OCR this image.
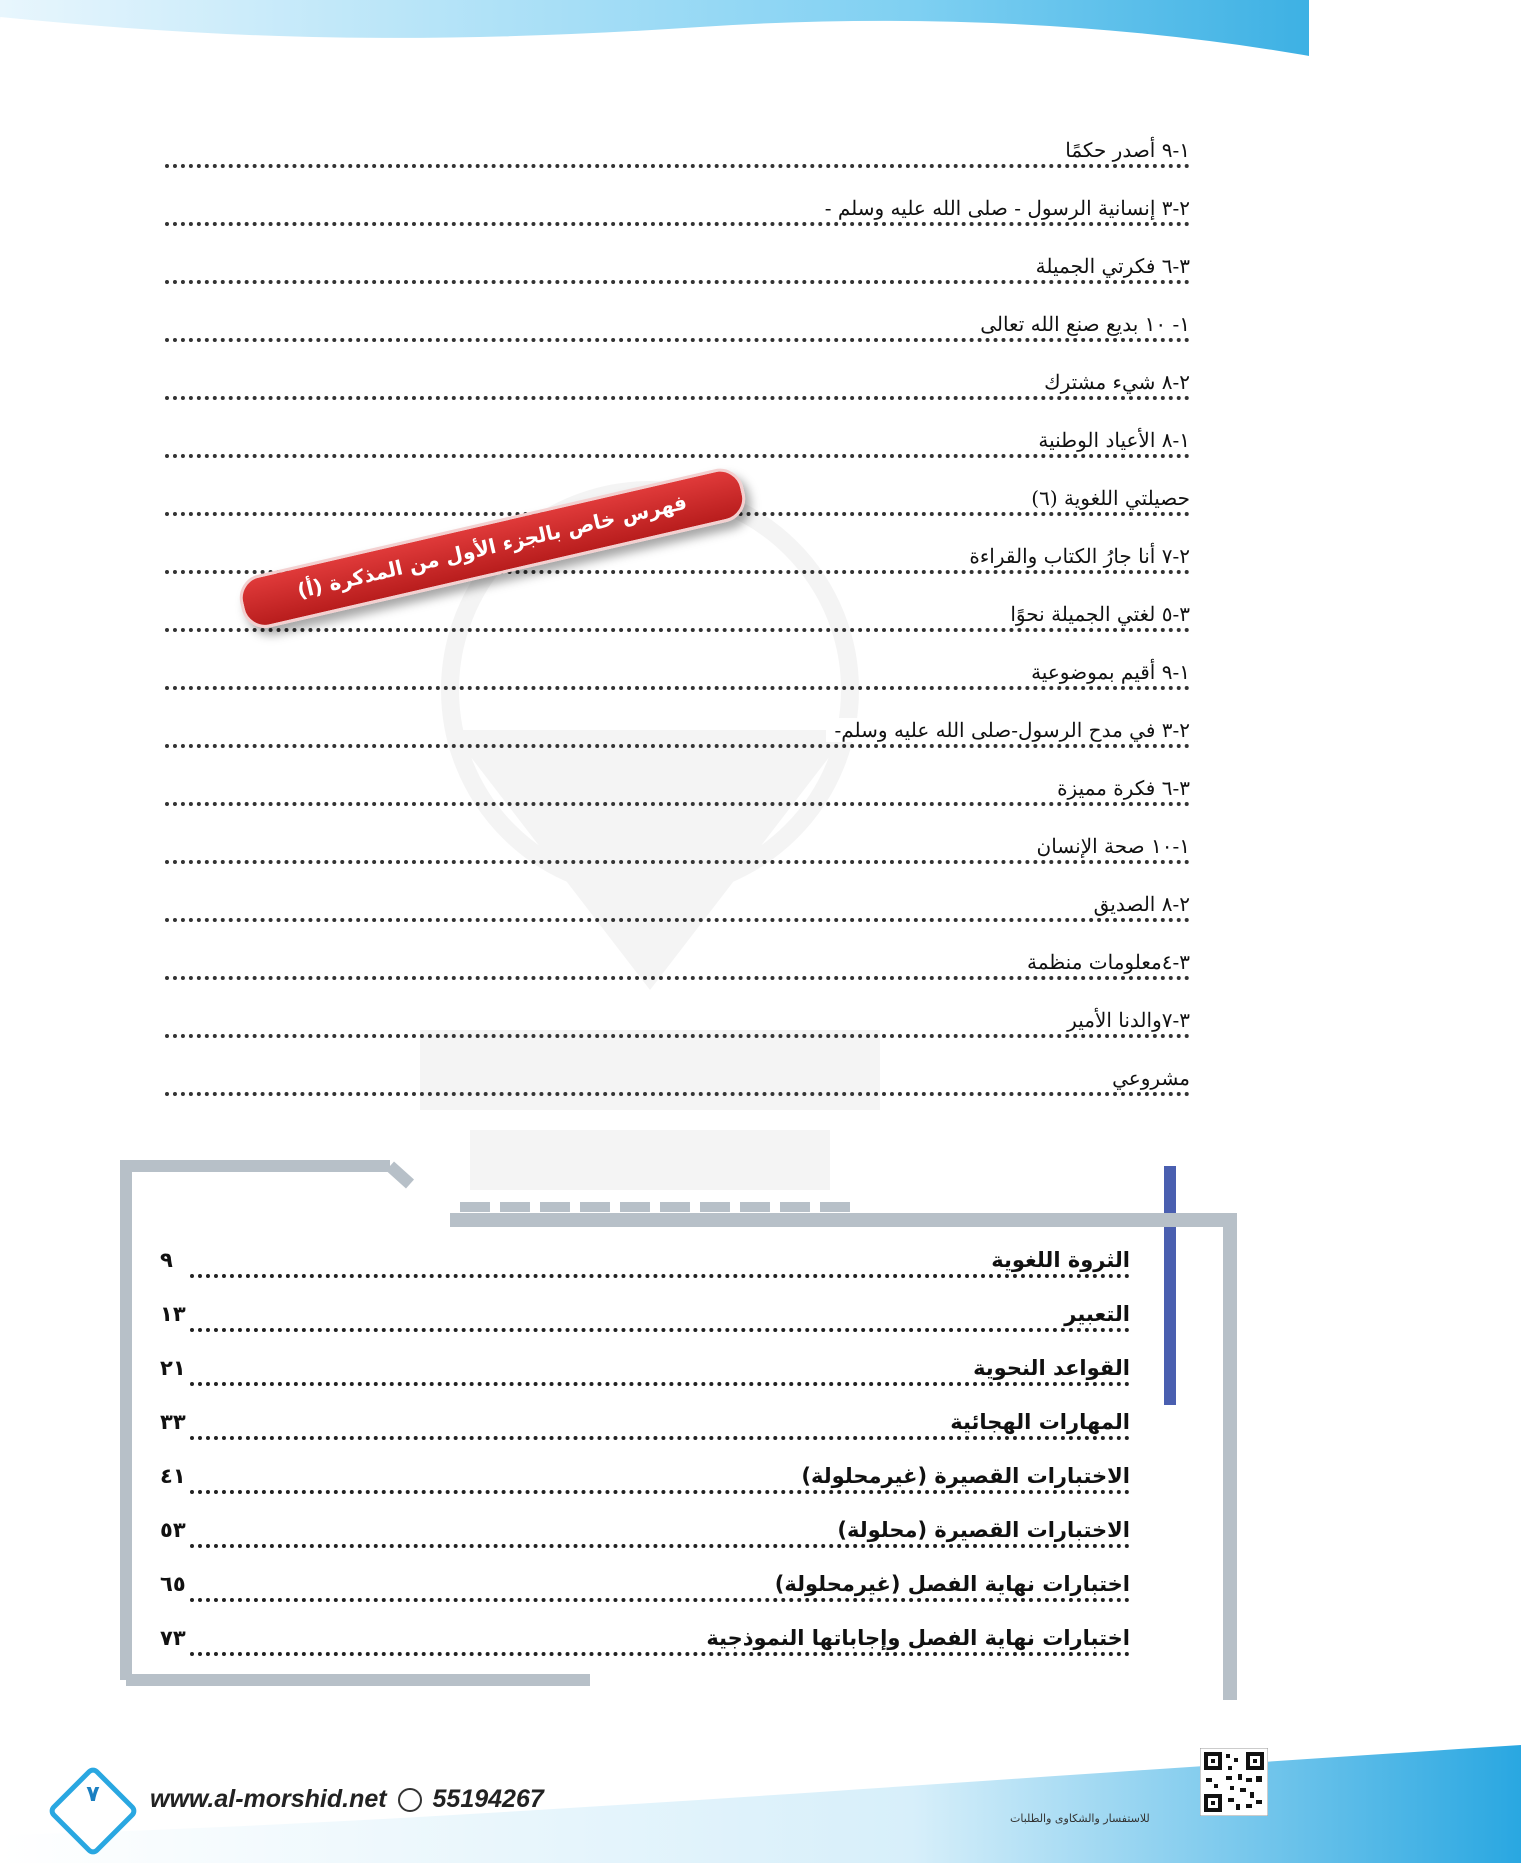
١-٩ أصدر حكمًا
٢-٣ إنسانية الرسول - صلى الله عليه وسلم -
٣-٦ فكرتي الجميلة
١- ١٠ بديع صنع الله تعالى
٢-٨ شيء مشترك
١-٨ الأعياد الوطنية
حصيلتي اللغوية (٦)
٢-٧ أنا جارُ الكتاب والقراءة
٣-٥ لغتي الجميلة نحوًا
١-٩ أقيم بموضوعية
٢-٣ في مدح الرسول-صلى الله عليه وسلم-
٣-٦ فكرة مميزة
١-١٠ صحة الإنسان
٢-٨ الصديق
٣-٤معلومات منظمة
٣-٧والدنا الأمير
مشروعي
فهرس خاص بالجزء الأول من المذكرة (أ)
الثروة اللغوية
٩
التعبير
١٣
القواعد النحوية
٢١
المهارات الهجائية
٣٣
الاختبارات القصيرة (غيرمحلولة)
٤١
الاختبارات القصيرة (محلولة)
٥٣
اختبارات نهاية الفصل (غيرمحلولة)
٦٥
اختبارات نهاية الفصل وإجاباتها النموذجية
٧٣
٧	www.al-morshid.net 55194267
للاستفسار والشكاوى والطلبات
